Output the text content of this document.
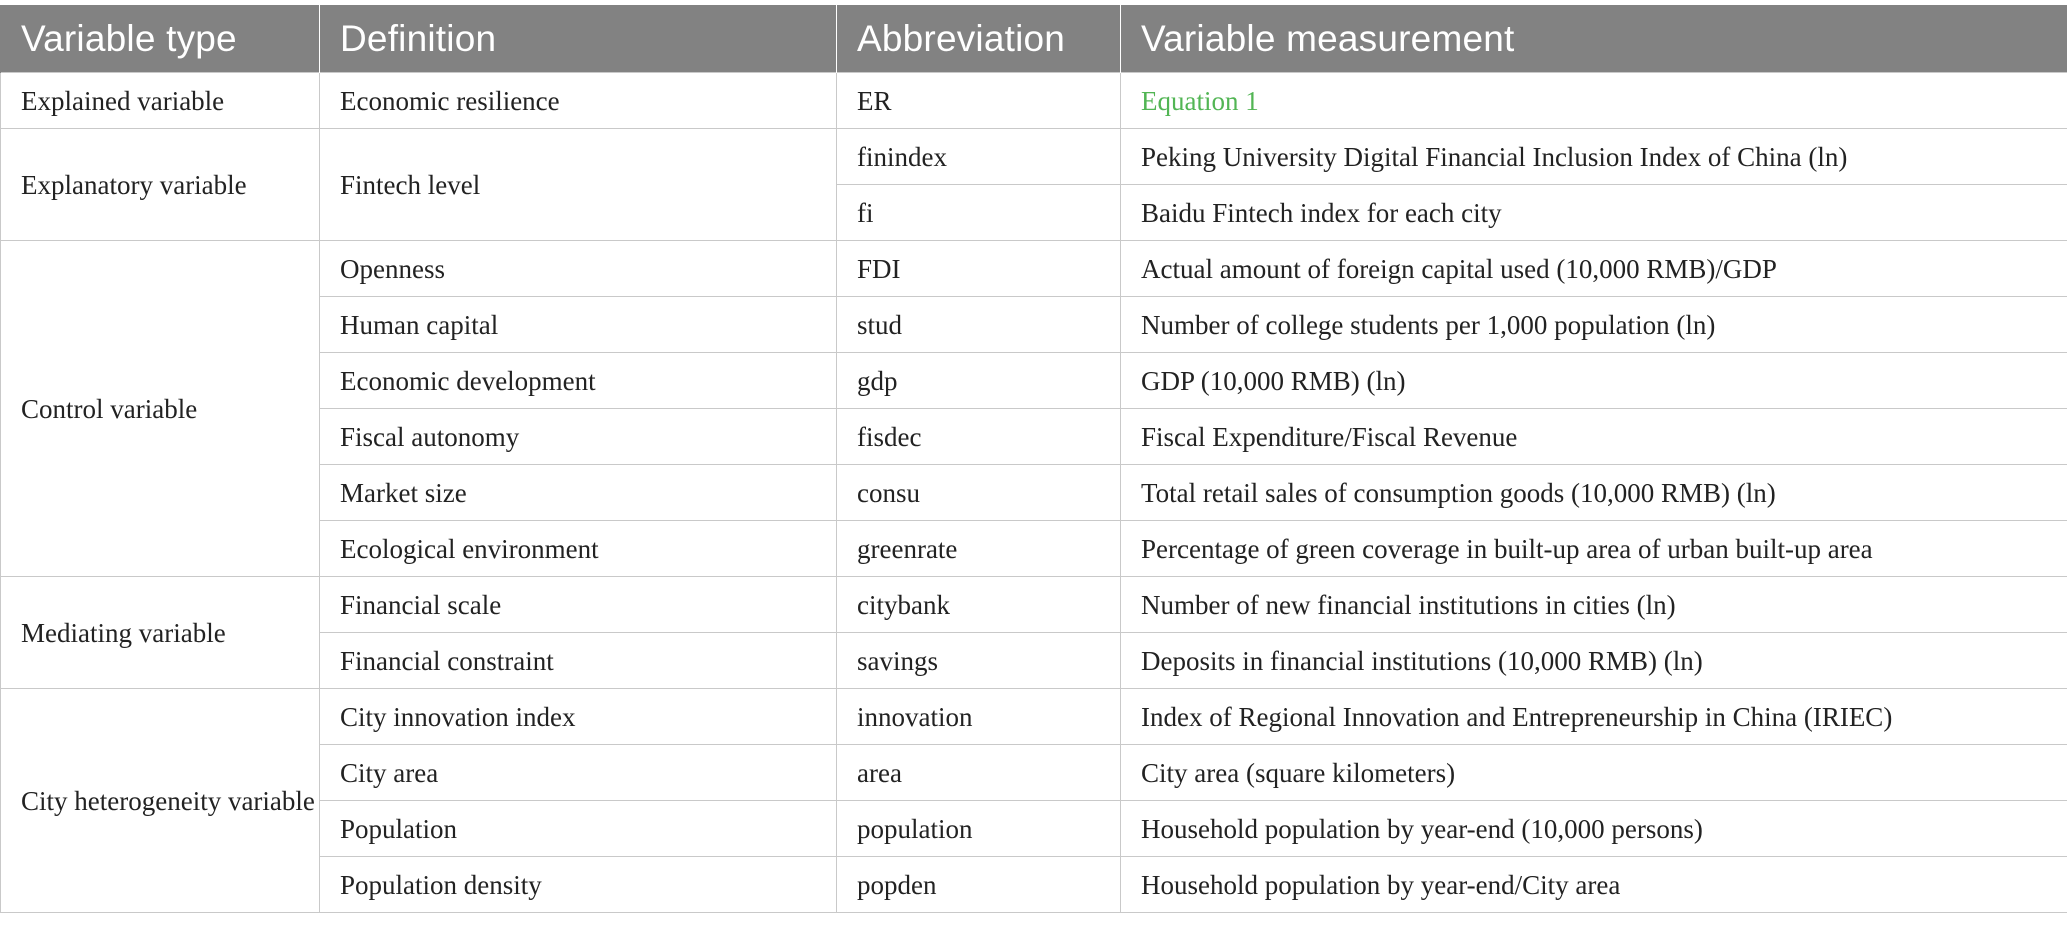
Variable type	Definition	Abbreviation	Variable measurement
Explained variable	Economic resilience	ER	Equation 1
Explanatory variable	Fintech level	finindex	Peking University Digital Financial Inclusion Index of China (ln)
		fi	Baidu Fintech index for each city
Control variable	Openness	FDI	Actual amount of foreign capital used (10,000 RMB)/GDP
	Human capital	stud	Number of college students per 1,000 population (ln)
	Economic development	gdp	GDP (10,000 RMB) (ln)
	Fiscal autonomy	fisdec	Fiscal Expenditure/Fiscal Revenue
	Market size	consu	Total retail sales of consumption goods (10,000 RMB) (ln)
	Ecological environment	greenrate	Percentage of green coverage in built-up area of urban built-up area
Mediating variable	Financial scale	citybank	Number of new financial institutions in cities (ln)
	Financial constraint	savings	Deposits in financial institutions (10,000 RMB) (ln)
City heterogeneity variable	City innovation index	innovation	Index of Regional Innovation and Entrepreneurship in China (IRIEC)
	City area	area	City area (square kilometers)
	Population	population	Household population by year-end (10,000 persons)
	Population density	popden	Household population by year-end/City area
